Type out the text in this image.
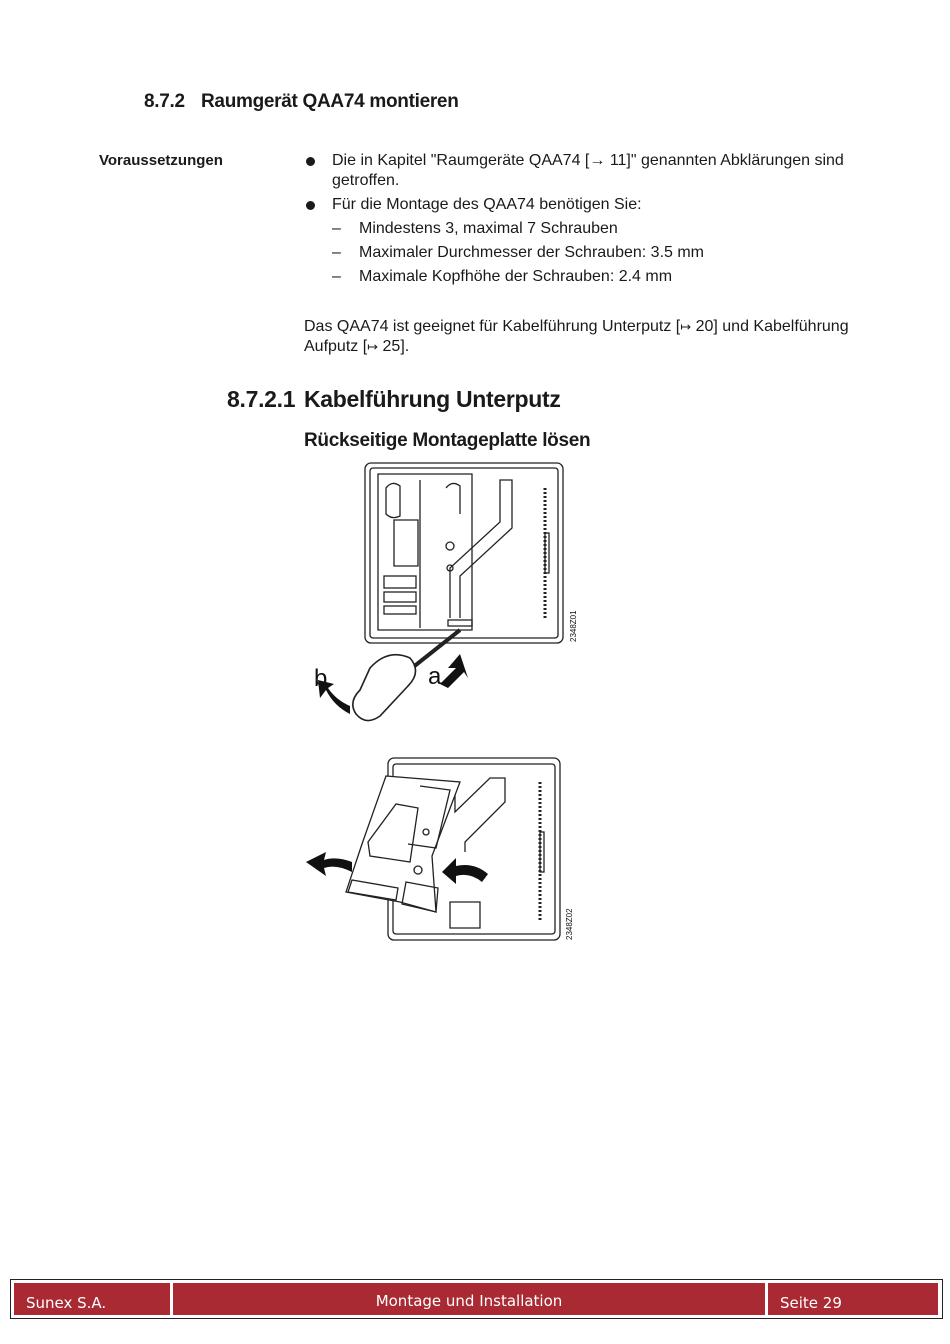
8.7.2 Raumgerät QAA74 montieren
Voraussetzungen	Die in Kapitel "Raumgeräte QAA74 [→ 11]" genannten Abklärungen sind getroffen.
Für die Montage des QAA74 benötigen Sie:
– Mindestens 3, maximal 7 Schrauben
– Maximaler Durchmesser der Schrauben: 3.5 mm
– Maximale Kopfhöhe der Schrauben: 2.4 mm
Das QAA74 ist geeignet für Kabelführung Unterputz [↦ 20] und Kabelführung Aufputz [↦ 25].
8.7.2.1 Kabelführung Unterputz
Rückseitige Montageplatte lösen
b	a
2348Z01
2348Z02
Sunex S.A.	Montage und Installation	Seite 29
